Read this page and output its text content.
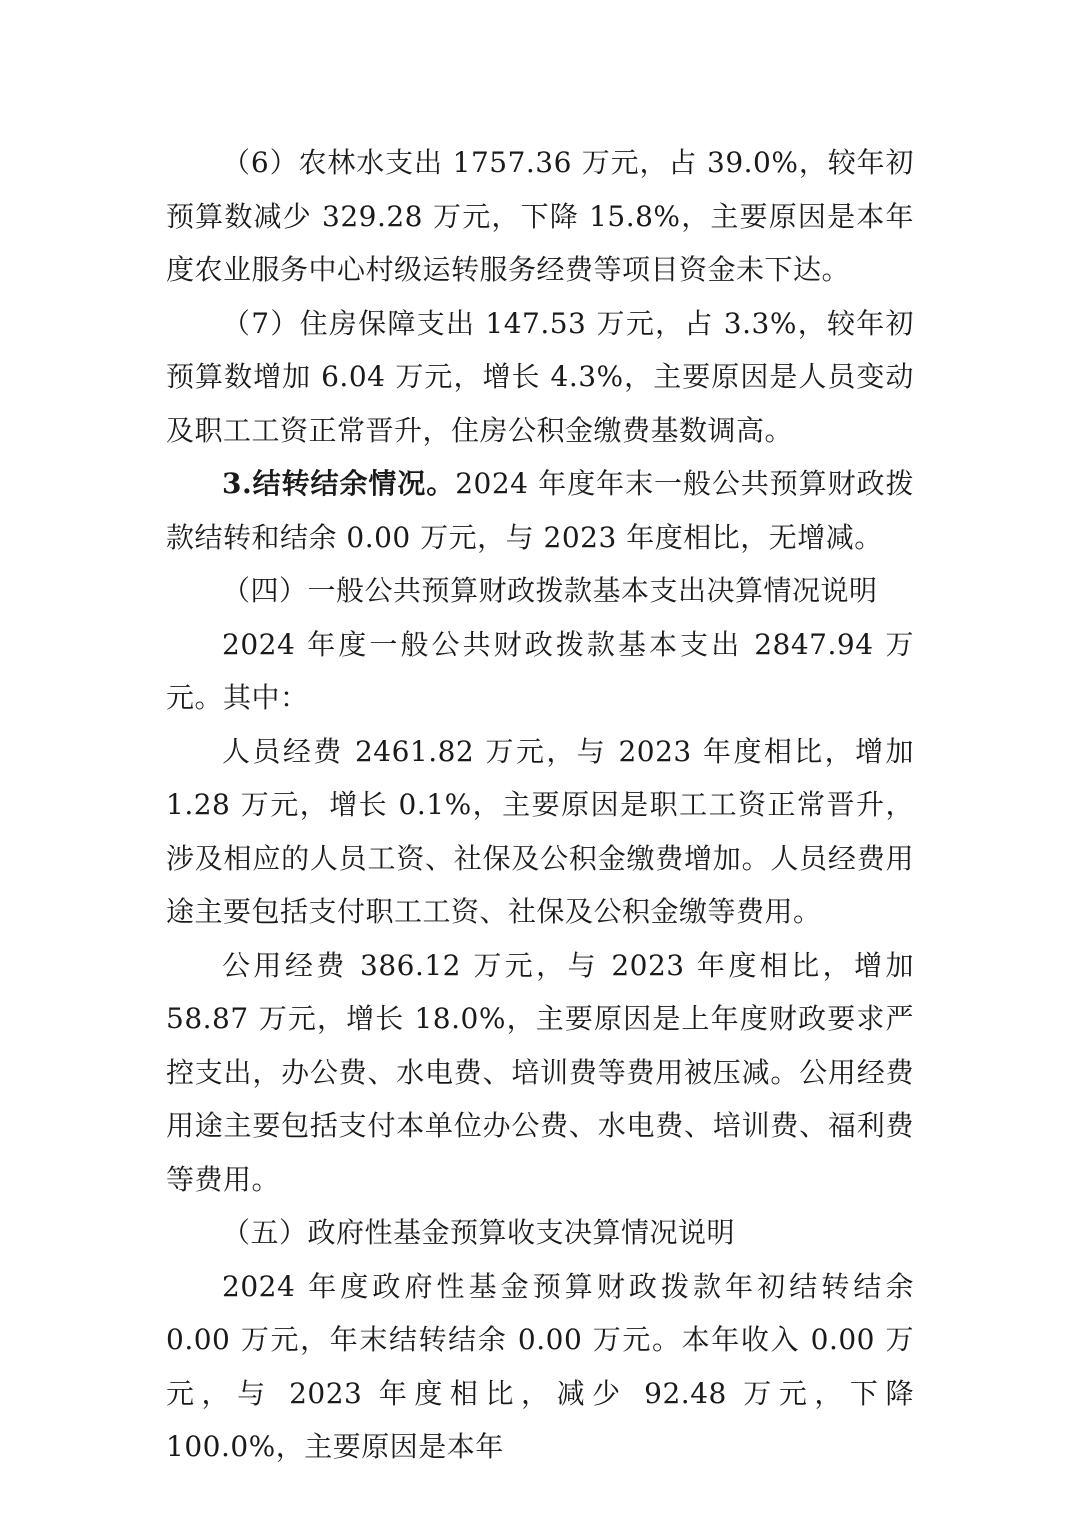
（6）农林水支出 1757.36 万元，占 39.0%，较年初预算数减少 329.28 万元，下降 15.8%，主要原因是本年度农业服务中心村级运转服务经费等项目资金未下达。

（7）住房保障支出 147.53 万元，占 3.3%，较年初预算数增加 6.04 万元，增长 4.3%，主要原因是人员变动及职工工资正常晋升，住房公积金缴费基数调高。

3.结转结余情况。2024 年度年末一般公共预算财政拨款结转和结余 0.00 万元，与 2023 年度相比，无增减。

（四）一般公共预算财政拨款基本支出决算情况说明

2024 年度一般公共财政拨款基本支出 2847.94 万元。其中：

人员经费 2461.82 万元，与 2023 年度相比，增加 1.28 万元，增长 0.1%，主要原因是职工工资正常晋升，涉及相应的人员工资、社保及公积金缴费增加。人员经费用途主要包括支付职工工资、社保及公积金缴等费用。

公用经费 386.12 万元，与 2023 年度相比，增加 58.87 万元，增长 18.0%，主要原因是上年度财政要求严控支出，办公费、水电费、培训费等费用被压减。公用经费用途主要包括支付本单位办公费、水电费、培训费、福利费等费用。

（五）政府性基金预算收支决算情况说明

2024 年度政府性基金预算财政拨款年初结转结余 0.00 万元，年末结转结余 0.00 万元。本年收入 0.00 万元，与 2023 年度相比，减少 92.48 万元，下降 100.0%，主要原因是本年
